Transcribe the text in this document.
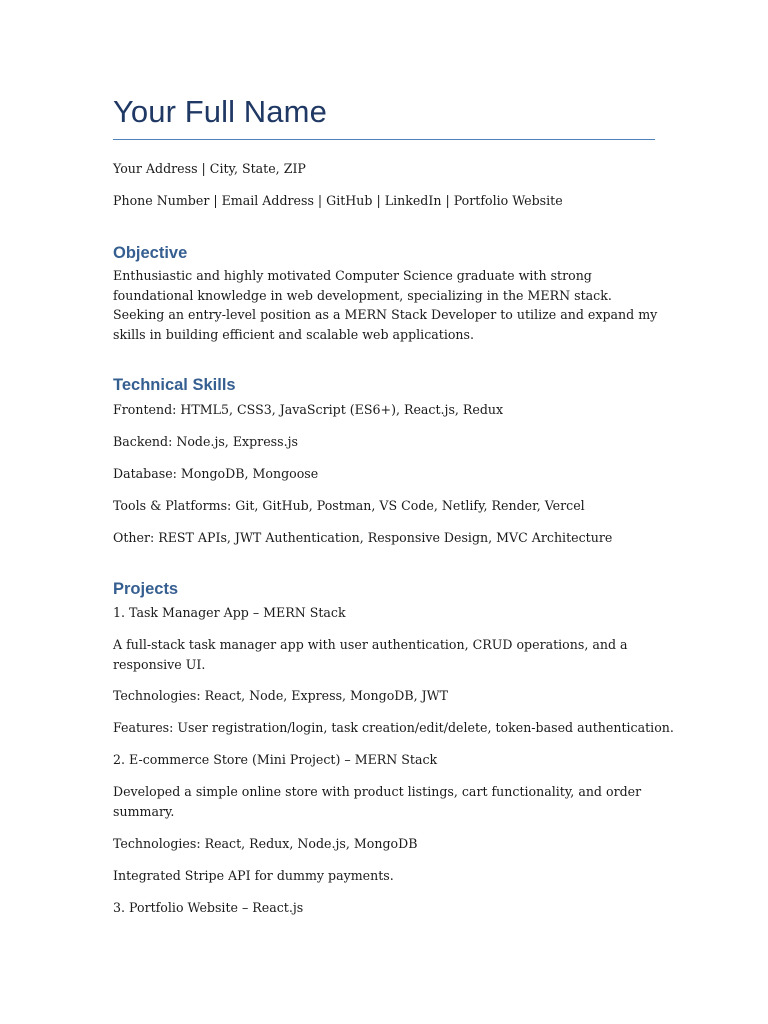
Your Full Name
Your Address | City, State, ZIP
Phone Number | Email Address | GitHub | LinkedIn | Portfolio Website
Objective
Enthusiastic and highly motivated Computer Science graduate with strong foundational knowledge in web development, specializing in the MERN stack. Seeking an entry-level position as a MERN Stack Developer to utilize and expand my skills in building efficient and scalable web applications.
Technical Skills
Frontend: HTML5, CSS3, JavaScript (ES6+), React.js, Redux
Backend: Node.js, Express.js
Database: MongoDB, Mongoose
Tools & Platforms: Git, GitHub, Postman, VS Code, Netlify, Render, Vercel
Other: REST APIs, JWT Authentication, Responsive Design, MVC Architecture
Projects
1. Task Manager App – MERN Stack
A full-stack task manager app with user authentication, CRUD operations, and a responsive UI.
Technologies: React, Node, Express, MongoDB, JWT
Features: User registration/login, task creation/edit/delete, token-based authentication.
2. E-commerce Store (Mini Project) – MERN Stack
Developed a simple online store with product listings, cart functionality, and order summary.
Technologies: React, Redux, Node.js, MongoDB
Integrated Stripe API for dummy payments.
3. Portfolio Website – React.js
